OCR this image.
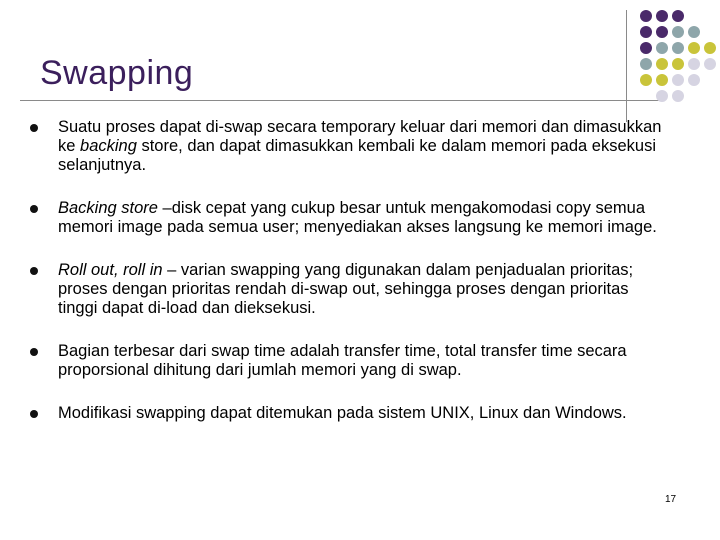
Swapping
Suatu proses dapat di-swap secara temporary keluar dari memori dan dimasukkan ke backing store, dan dapat dimasukkan kembali ke dalam memori pada eksekusi selanjutnya.
Backing store –disk cepat yang cukup besar untuk mengakomodasi copy semua memori image pada semua user; menyediakan akses langsung ke memori image.
Roll out, roll in – varian swapping yang digunakan dalam penjadualan prioritas; proses dengan prioritas rendah di-swap out, sehingga proses dengan prioritas tinggi dapat di-load dan dieksekusi.
Bagian terbesar dari swap time adalah transfer time, total transfer time secara proporsional dihitung dari jumlah memori yang di swap.
Modifikasi swapping dapat ditemukan pada sistem UNIX, Linux dan Windows.
17
